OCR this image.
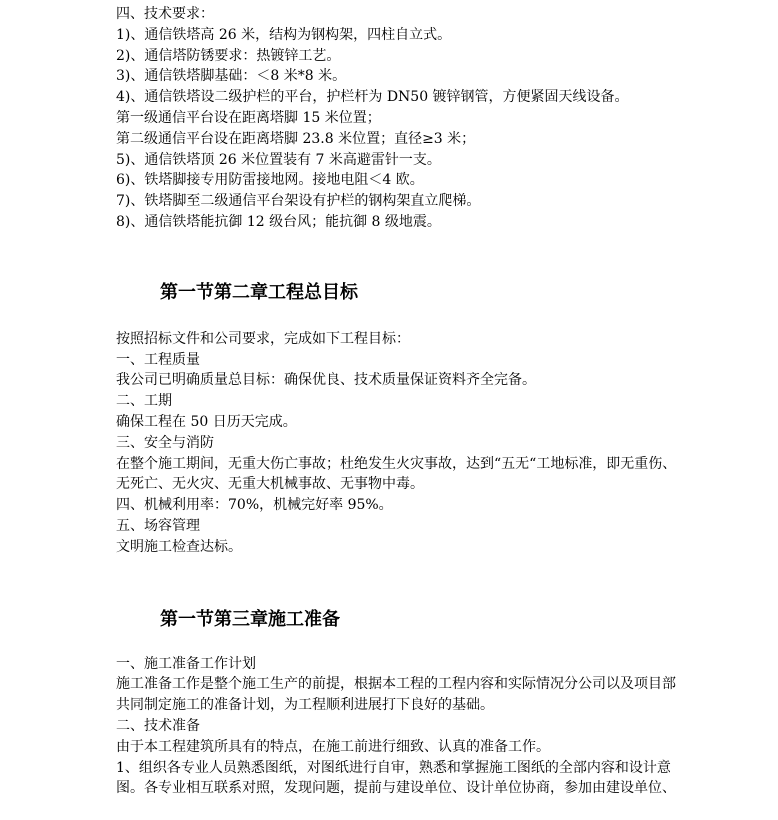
四、技术要求：
1)、通信铁塔高 26 米，结构为钢构架，四柱自立式。
2)、通信塔防锈要求：热镀锌工艺。
3)、通信铁塔脚基础：＜8 米*8 米。
4)、通信铁塔设二级护栏的平台，护栏杆为 DN50 镀锌钢管，方便紧固天线设备。
第一级通信平台设在距离塔脚 15 米位置；
第二级通信平台设在距离塔脚 23.8 米位置；直径≥3 米；
5)、通信铁塔顶 26 米位置装有 7 米高避雷针一支。
6)、铁塔脚接专用防雷接地网。接地电阻＜4 欧。
7)、铁塔脚至二级通信平台架设有护栏的钢构架直立爬梯。
8)、通信铁塔能抗御 12 级台风；能抗御 8 级地震。
第一节第二章工程总目标
按照招标文件和公司要求，完成如下工程目标：
一、工程质量
我公司已明确质量总目标：确保优良、技术质量保证资料齐全完备。
二、工期
确保工程在 50 日历天完成。
三、安全与消防
在整个施工期间，无重大伤亡事故；杜绝发生火灾事故，达到“五无“工地标准，即无重伤、
无死亡、无火灾、无重大机械事故、无事物中毒。
四、机械利用率：70%，机械完好率 95%。
五、场容管理
文明施工检查达标。
第一节第三章施工准备
一、施工准备工作计划
施工准备工作是整个施工生产的前提，根据本工程的工程内容和实际情况分公司以及项目部
共同制定施工的准备计划，为工程顺利进展打下良好的基础。
二、技术准备
由于本工程建筑所具有的特点，在施工前进行细致、认真的准备工作。
1、组织各专业人员熟悉图纸，对图纸进行自审，熟悉和掌握施工图纸的全部内容和设计意
图。各专业相互联系对照，发现问题，提前与建设单位、设计单位协商，参加由建设单位、
